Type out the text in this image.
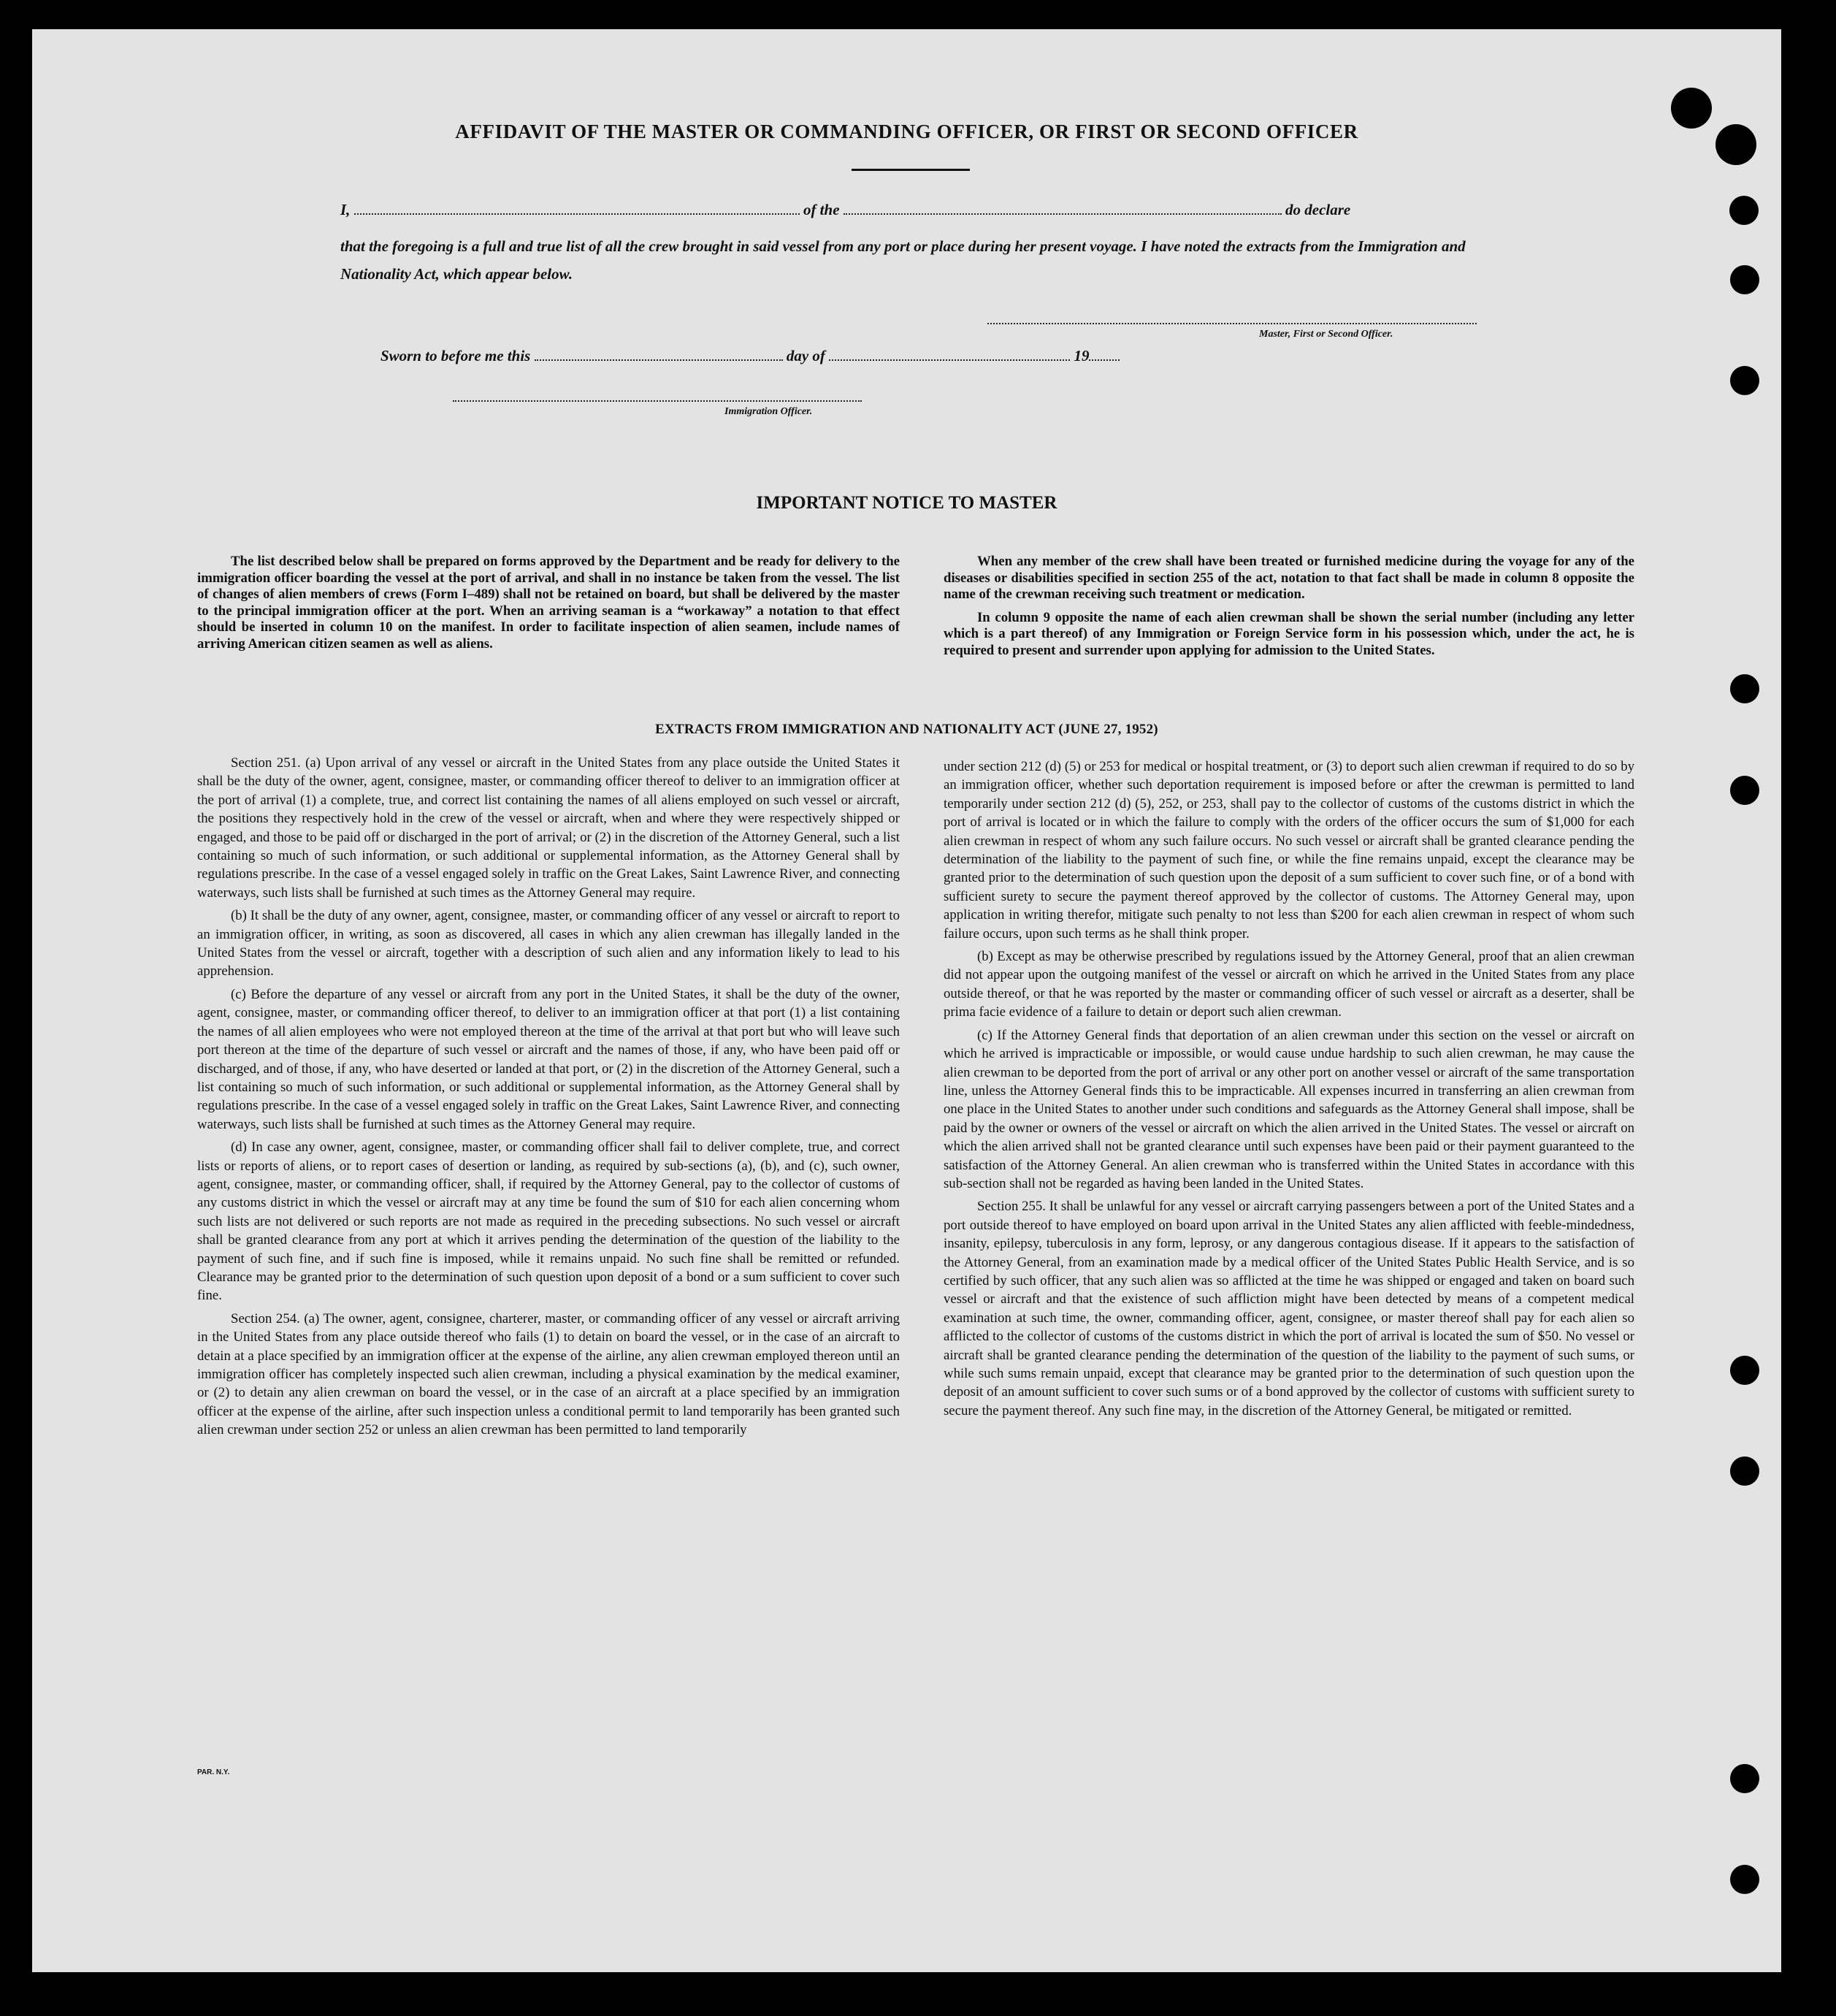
AFFIDAVIT OF THE MASTER OR COMMANDING OFFICER, OR FIRST OR SECOND OFFICER
I,	of the	do declare
that the foregoing is a full and true list of all the crew brought in said vessel from any port or place during her present voyage. I have noted the extracts from the Immigration and Nationality Act, which appear below.
Master, First or Second Officer.
Sworn to before me this	day of	19
Immigration Officer.
IMPORTANT NOTICE TO MASTER

The list described below shall be prepared on forms approved by the Department and be ready for delivery to the immigration officer boarding the vessel at the port of arrival, and shall in no instance be taken from the vessel. The list of changes of alien members of crews (Form I–489) shall not be retained on board, but shall be delivered by the master to the principal immigration officer at the port. When an arriving seaman is a “workaway” a notation to that effect should be inserted in column 10 on the manifest. In order to facilitate inspection of alien seamen, include names of arriving American citizen seamen as well as aliens.

When any member of the crew shall have been treated or furnished medicine during the voyage for any of the diseases or disabilities specified in section 255 of the act, notation to that fact shall be made in column 8 opposite the name of the crewman receiving such treatment or medication.

In column 9 opposite the name of each alien crewman shall be shown the serial number (including any letter which is a part thereof) of any Immigration or Foreign Service form in his possession which, under the act, he is required to present and surrender upon applying for admission to the United States.

EXTRACTS FROM IMMIGRATION AND NATIONALITY ACT (JUNE 27, 1952)

Section 251. (a) Upon arrival of any vessel or aircraft in the United States from any place outside the United States it shall be the duty of the owner, agent, consignee, master, or commanding officer thereof to deliver to an immigration officer at the port of arrival (1) a complete, true, and correct list containing the names of all aliens employed on such vessel or aircraft, the positions they respectively hold in the crew of the vessel or aircraft, when and where they were respectively shipped or engaged, and those to be paid off or discharged in the port of arrival; or (2) in the discretion of the Attorney General, such a list containing so much of such information, or such additional or supplemental information, as the Attorney General shall by regulations prescribe. In the case of a vessel engaged solely in traffic on the Great Lakes, Saint Lawrence River, and connecting waterways, such lists shall be furnished at such times as the Attorney General may require.

(b) It shall be the duty of any owner, agent, consignee, master, or commanding officer of any vessel or aircraft to report to an immigration officer, in writing, as soon as discovered, all cases in which any alien crewman has illegally landed in the United States from the vessel or aircraft, together with a description of such alien and any information likely to lead to his apprehension.

(c) Before the departure of any vessel or aircraft from any port in the United States, it shall be the duty of the owner, agent, consignee, master, or commanding officer thereof, to deliver to an immigration officer at that port (1) a list containing the names of all alien employees who were not employed thereon at the time of the arrival at that port but who will leave such port thereon at the time of the departure of such vessel or aircraft and the names of those, if any, who have been paid off or discharged, and of those, if any, who have deserted or landed at that port, or (2) in the discretion of the Attorney General, such a list containing so much of such information, or such additional or supplemental information, as the Attorney General shall by regulations prescribe. In the case of a vessel engaged solely in traffic on the Great Lakes, Saint Lawrence River, and connecting waterways, such lists shall be furnished at such times as the Attorney General may require.

(d) In case any owner, agent, consignee, master, or commanding officer shall fail to deliver complete, true, and correct lists or reports of aliens, or to report cases of desertion or landing, as required by sub-sections (a), (b), and (c), such owner, agent, consignee, master, or commanding officer, shall, if required by the Attorney General, pay to the collector of customs of any customs district in which the vessel or aircraft may at any time be found the sum of $10 for each alien concerning whom such lists are not delivered or such reports are not made as required in the preceding subsections. No such vessel or aircraft shall be granted clearance from any port at which it arrives pending the determination of the question of the liability to the payment of such fine, and if such fine is imposed, while it remains unpaid. No such fine shall be remitted or refunded. Clearance may be granted prior to the determination of such question upon deposit of a bond or a sum sufficient to cover such fine.

Section 254. (a) The owner, agent, consignee, charterer, master, or commanding officer of any vessel or aircraft arriving in the United States from any place outside thereof who fails (1) to detain on board the vessel, or in the case of an aircraft to detain at a place specified by an immigration officer at the expense of the airline, any alien crewman employed thereon until an immigration officer has completely inspected such alien crewman, including a physical examination by the medical examiner, or (2) to detain any alien crewman on board the vessel, or in the case of an aircraft at a place specified by an immigration officer at the expense of the airline, after such inspection unless a conditional permit to land temporarily has been granted such alien crewman under section 252 or unless an alien crewman has been permitted to land temporarily

under section 212 (d) (5) or 253 for medical or hospital treatment, or (3) to deport such alien crewman if required to do so by an immigration officer, whether such deportation requirement is imposed before or after the crewman is permitted to land temporarily under section 212 (d) (5), 252, or 253, shall pay to the collector of customs of the customs district in which the port of arrival is located or in which the failure to comply with the orders of the officer occurs the sum of $1,000 for each alien crewman in respect of whom any such failure occurs. No such vessel or aircraft shall be granted clearance pending the determination of the liability to the payment of such fine, or while the fine remains unpaid, except the clearance may be granted prior to the determination of such question upon the deposit of a sum sufficient to cover such fine, or of a bond with sufficient surety to secure the payment thereof approved by the collector of customs. The Attorney General may, upon application in writing therefor, mitigate such penalty to not less than $200 for each alien crewman in respect of whom such failure occurs, upon such terms as he shall think proper.

(b) Except as may be otherwise prescribed by regulations issued by the Attorney General, proof that an alien crewman did not appear upon the outgoing manifest of the vessel or aircraft on which he arrived in the United States from any place outside thereof, or that he was reported by the master or commanding officer of such vessel or aircraft as a deserter, shall be prima facie evidence of a failure to detain or deport such alien crewman.

(c) If the Attorney General finds that deportation of an alien crewman under this section on the vessel or aircraft on which he arrived is impracticable or impossible, or would cause undue hardship to such alien crewman, he may cause the alien crewman to be deported from the port of arrival or any other port on another vessel or aircraft of the same transportation line, unless the Attorney General finds this to be impracticable. All expenses incurred in transferring an alien crewman from one place in the United States to another under such conditions and safeguards as the Attorney General shall impose, shall be paid by the owner or owners of the vessel or aircraft on which the alien arrived in the United States. The vessel or aircraft on which the alien arrived shall not be granted clearance until such expenses have been paid or their payment guaranteed to the satisfaction of the Attorney General. An alien crewman who is transferred within the United States in accordance with this sub-section shall not be regarded as having been landed in the United States.

Section 255. It shall be unlawful for any vessel or aircraft carrying passengers between a port of the United States and a port outside thereof to have employed on board upon arrival in the United States any alien afflicted with feeble-mindedness, insanity, epilepsy, tuberculosis in any form, leprosy, or any dangerous contagious disease. If it appears to the satisfaction of the Attorney General, from an examination made by a medical officer of the United States Public Health Service, and is so certified by such officer, that any such alien was so afflicted at the time he was shipped or engaged and taken on board such vessel or aircraft and that the existence of such affliction might have been detected by means of a competent medical examination at such time, the owner, commanding officer, agent, consignee, or master thereof shall pay for each alien so afflicted to the collector of customs of the customs district in which the port of arrival is located the sum of $50. No vessel or aircraft shall be granted clearance pending the determination of the question of the liability to the payment of such sums, or while such sums remain unpaid, except that clearance may be granted prior to the determination of such question upon the deposit of an amount sufficient to cover such sums or of a bond approved by the collector of customs with sufficient surety to secure the payment thereof. Any such fine may, in the discretion of the Attorney General, be mitigated or remitted.

PAR. N.Y.
